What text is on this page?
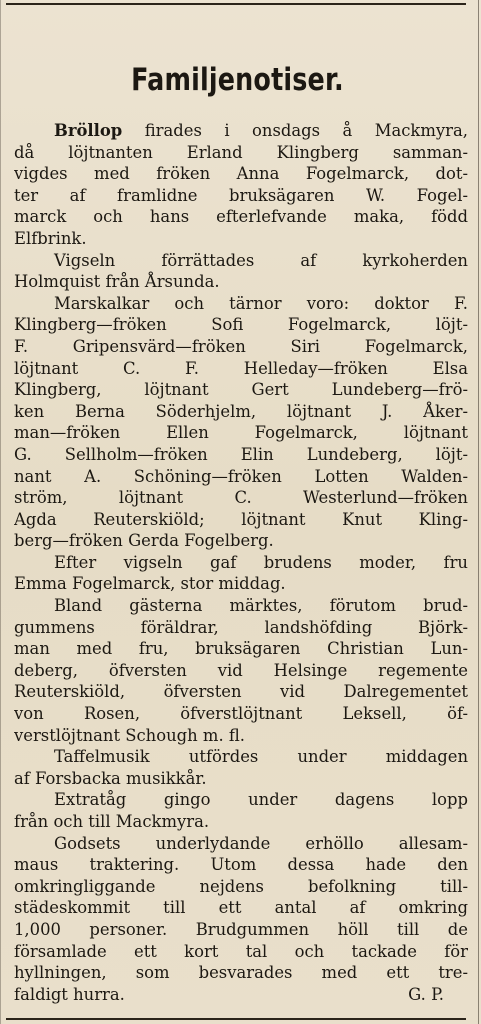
Familjenotiser.
Bröllop firades i onsdags å Mackmyra,
då löjtnanten Erland Klingberg samman-
vigdes med fröken Anna Fogelmarck, dot-
ter af framlidne bruksägaren W. Fogel-
marck och hans efterlefvande maka, född
Elfbrink.
Vigseln förrättades af kyrkoherden
Holmquist från Årsunda.
Marskalkar och tärnor voro: doktor F.
Klingberg—fröken Sofi Fogelmarck, löjt-
F. Gripensvärd—fröken Siri Fogelmarck,
löjtnant C. F. Helleday—fröken Elsa
Klingberg, löjtnant Gert Lundeberg—frö-
ken Berna Söderhjelm, löjtnant J. Åker-
man—fröken Ellen Fogelmarck, löjtnant
G. Sellholm—fröken Elin Lundeberg, löjt-
nant A. Schöning—fröken Lotten Walden-
ström, löjtnant C. Westerlund—fröken
Agda Reuterskiöld; löjtnant Knut Kling-
berg—fröken Gerda Fogelberg.
Efter vigseln gaf brudens moder, fru
Emma Fogelmarck, stor middag.
Bland gästerna märktes, förutom brud-
gummens föräldrar, landshöfding Björk-
man med fru, bruksägaren Christian Lun-
deberg, öfversten vid Helsinge regemente
Reuterskiöld, öfversten vid Dalregementet
von Rosen, öfverstlöjtnant Leksell, öf-
verstlöjtnant Schough m. fl.
Taffelmusik utfördes under middagen
af Forsbacka musikkår.
Extratåg gingo under dagens lopp
från och till Mackmyra.
Godsets underlydande erhöllo allesam-
maus traktering. Utom dessa hade den
omkringliggande nejdens befolkning till-
städeskommit till ett antal af omkring
1,000 personer. Brudgummen höll till de
församlade ett kort tal och tackade för
hyllningen, som besvarades med ett tre-
faldigt hurra.	G. P.
